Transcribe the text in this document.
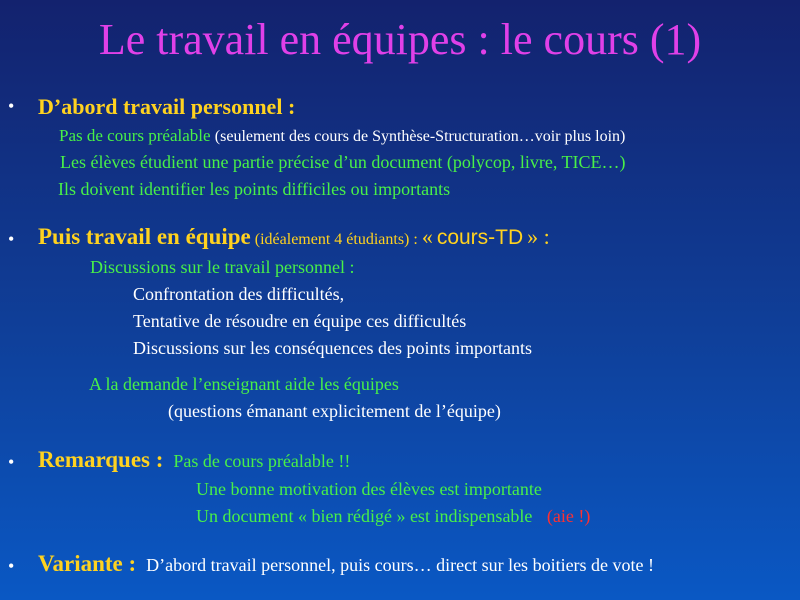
Le travail en équipes : le cours (1)
• D’abord travail personnel :
Pas de cours préalable (seulement des cours de Synthèse-Structuration…voir plus loin)
Les élèves étudient une partie précise d’un document (polycop, livre, TICE…)
Ils doivent identifier les points difficiles ou importants
• Puis travail en équipe (idéalement 4 étudiants) : « cours-TD » :
Discussions sur le travail personnel :
Confrontation des difficultés,
Tentative de résoudre en équipe ces difficultés
Discussions sur les conséquences des points importants
A la demande l’enseignant aide les équipes
(questions émanant explicitement de l’équipe)
• Remarques : Pas de cours préalable !!
Une bonne motivation des élèves est importante
Un document « bien rédigé » est indispensable (aie !)
• Variante : D’abord travail personnel, puis cours… direct sur les boitiers de vote !
